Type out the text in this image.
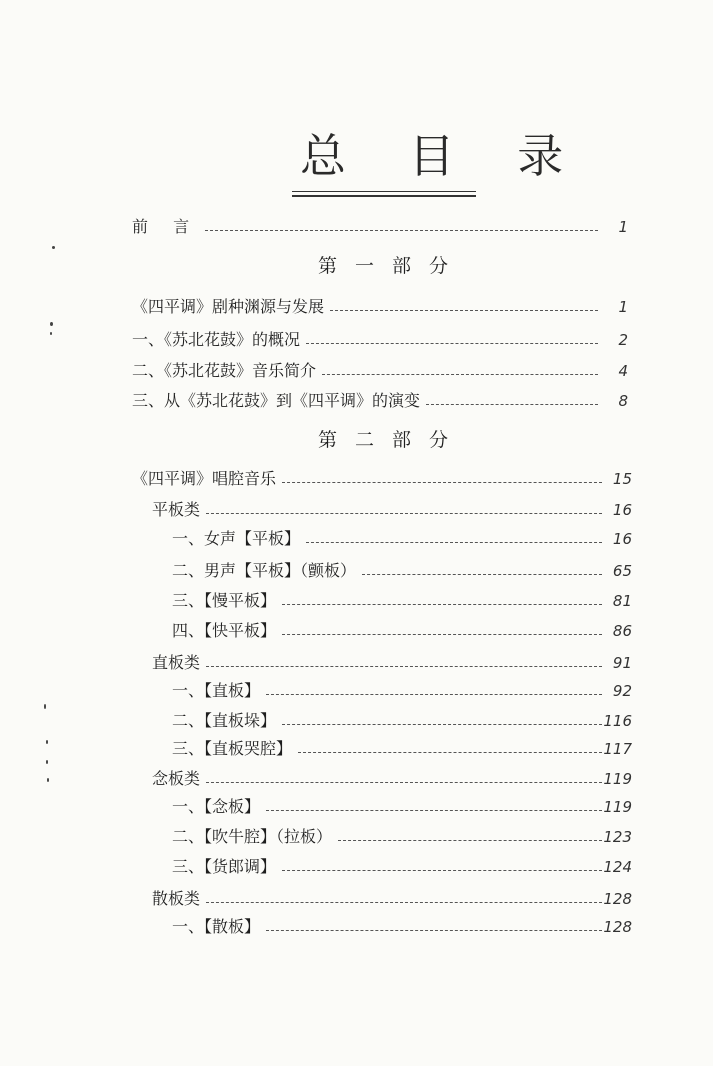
总 目 录
前 言	1
第一部分
《四平调》剧种渊源与发展	1
一、《苏北花鼓》的概况	2
二、《苏北花鼓》音乐简介	4
三、从《苏北花鼓》到《四平调》的演变	8
第二部分
《四平调》唱腔音乐	15
平板类	16
一、女声【平板】	16
二、男声【平板】（颤板）	65
三、【慢平板】	81
四、【快平板】	86
直板类	91
一、【直板】	92
二、【直板垛】	116
三、【直板哭腔】	117
念板类	119
一、【念板】	119
二、【吹牛腔】（拉板）	123
三、【货郎调】	124
散板类	128
一、【散板】	128
